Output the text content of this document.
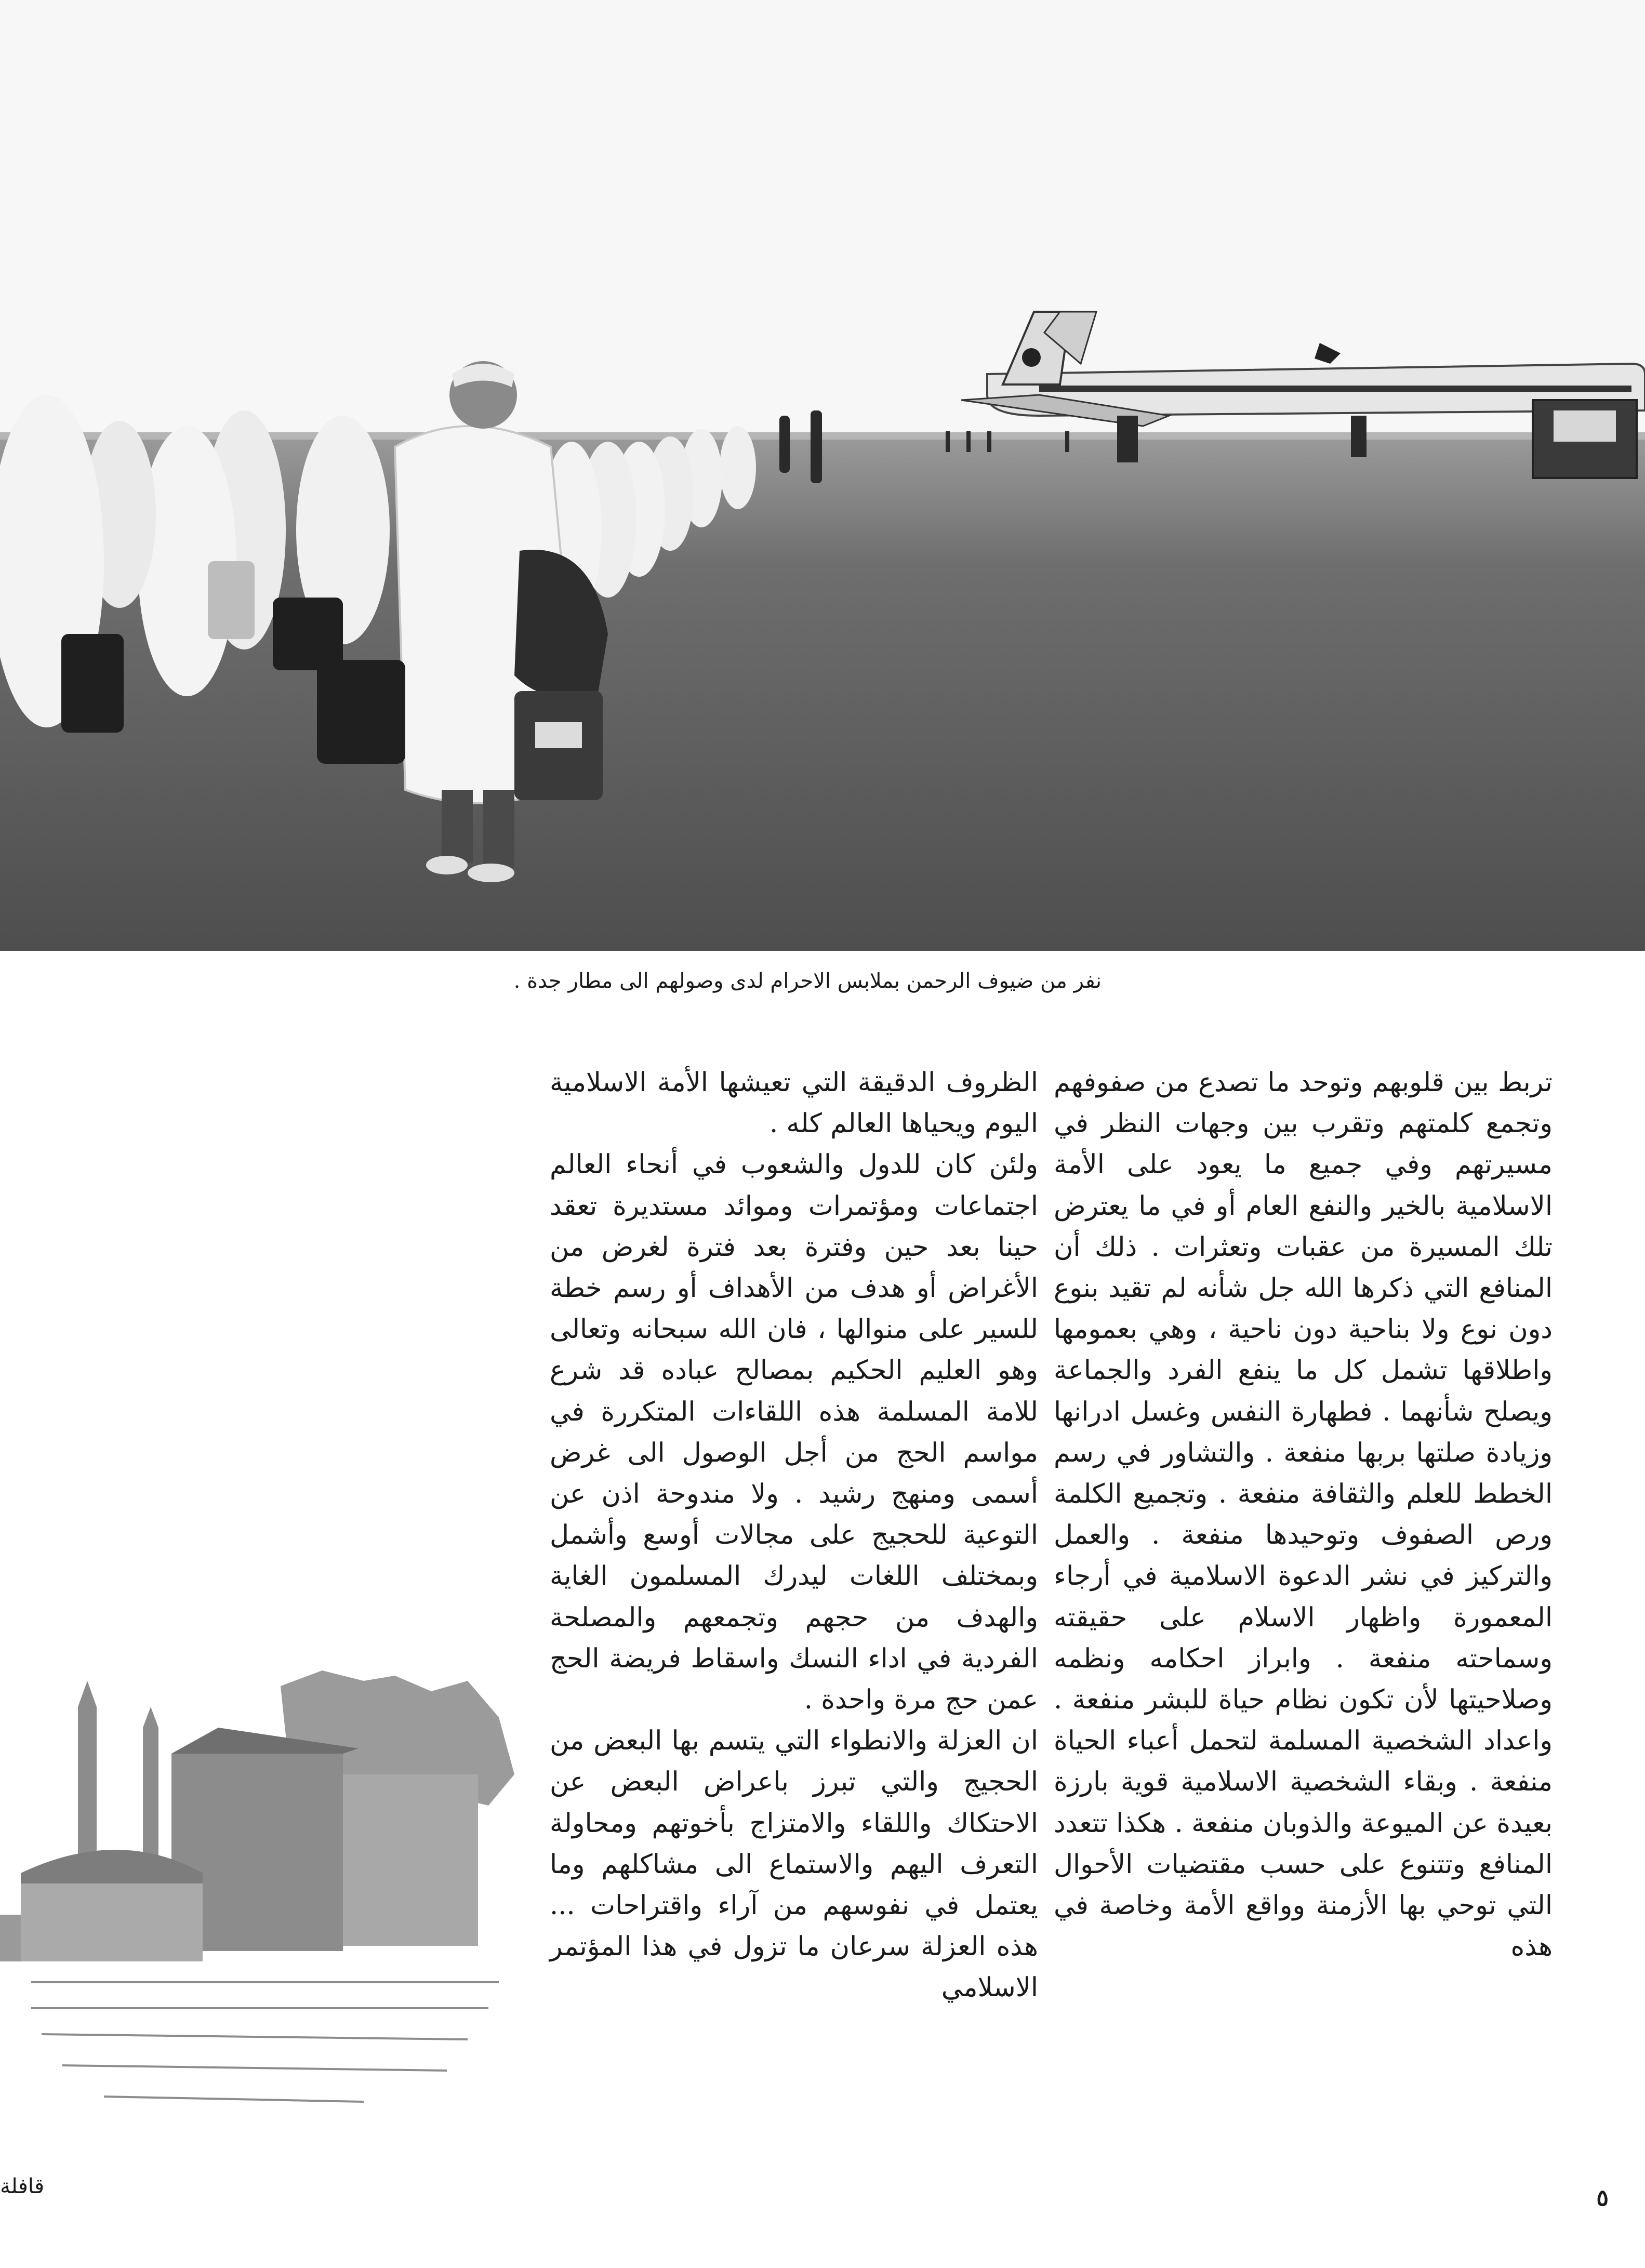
نفر من ضيوف الرحمن بملابس الاحرام لدى وصولهم الى مطار جدة .

تربط بين قلوبهم وتوحد ما تصدع من صفوفهم وتجمع كلمتهم وتقرب بين وجهات النظر في مسيرتهم وفي جميع ما يعود على الأمة الاسلامية بالخير والنفع العام أو في ما يعترض تلك المسيرة من عقبات وتعثرات . ذلك أن المنافع التي ذكرها الله جل شأنه لم تقيد بنوع دون نوع ولا بناحية دون ناحية ، وهي بعمومها واطلاقها تشمل كل ما ينفع الفرد والجماعة ويصلح شأنهما . فطهارة النفس وغسل ادرانها وزيادة صلتها بربها منفعة . والتشاور في رسم الخطط للعلم والثقافة منفعة . وتجميع الكلمة ورص الصفوف وتوحيدها منفعة . والعمل والتركيز في نشر الدعوة الاسلامية في أرجاء المعمورة واظهار الاسلام على حقيقته وسماحته منفعة . وابراز احكامه ونظمه وصلاحيتها لأن تكون نظام حياة للبشر منفعة . واعداد الشخصية المسلمة لتحمل أعباء الحياة منفعة . وبقاء الشخصية الاسلامية قوية بارزة بعيدة عن الميوعة والذوبان منفعة . هكذا تتعدد المنافع وتتنوع على حسب مقتضيات الأحوال التي توحي بها الأزمنة وواقع الأمة وخاصة في هذه

الظروف الدقيقة التي تعيشها الأمة الاسلامية اليوم ويحياها العالم كله .

ولئن كان للدول والشعوب في أنحاء العالم اجتماعات ومؤتمرات وموائد مستديرة تعقد حينا بعد حين وفترة بعد فترة لغرض من الأغراض أو هدف من الأهداف أو رسم خطة للسير على منوالها ، فان الله سبحانه وتعالى وهو العليم الحكيم بمصالح عباده قد شرع للامة المسلمة هذه اللقاءات المتكررة في مواسم الحج من أجل الوصول الى غرض أسمى ومنهج رشيد . ولا مندوحة اذن عن التوعية للحجيج على مجالات أوسع وأشمل وبمختلف اللغات ليدرك المسلمون الغاية والهدف من حجهم وتجمعهم والمصلحة الفردية في اداء النسك واسقاط فريضة الحج عمن حج مرة واحدة .

ان العزلة والانطواء التي يتسم بها البعض من الحجيج والتي تبرز باعراض البعض عن الاحتكاك واللقاء والامتزاج بأخوتهم ومحاولة التعرف اليهم والاستماع الى مشاكلهم وما يعتمل في نفوسهم من آراء واقتراحات ... هذه العزلة سرعان ما تزول في هذا المؤتمر الاسلامي

٥
قافلة
